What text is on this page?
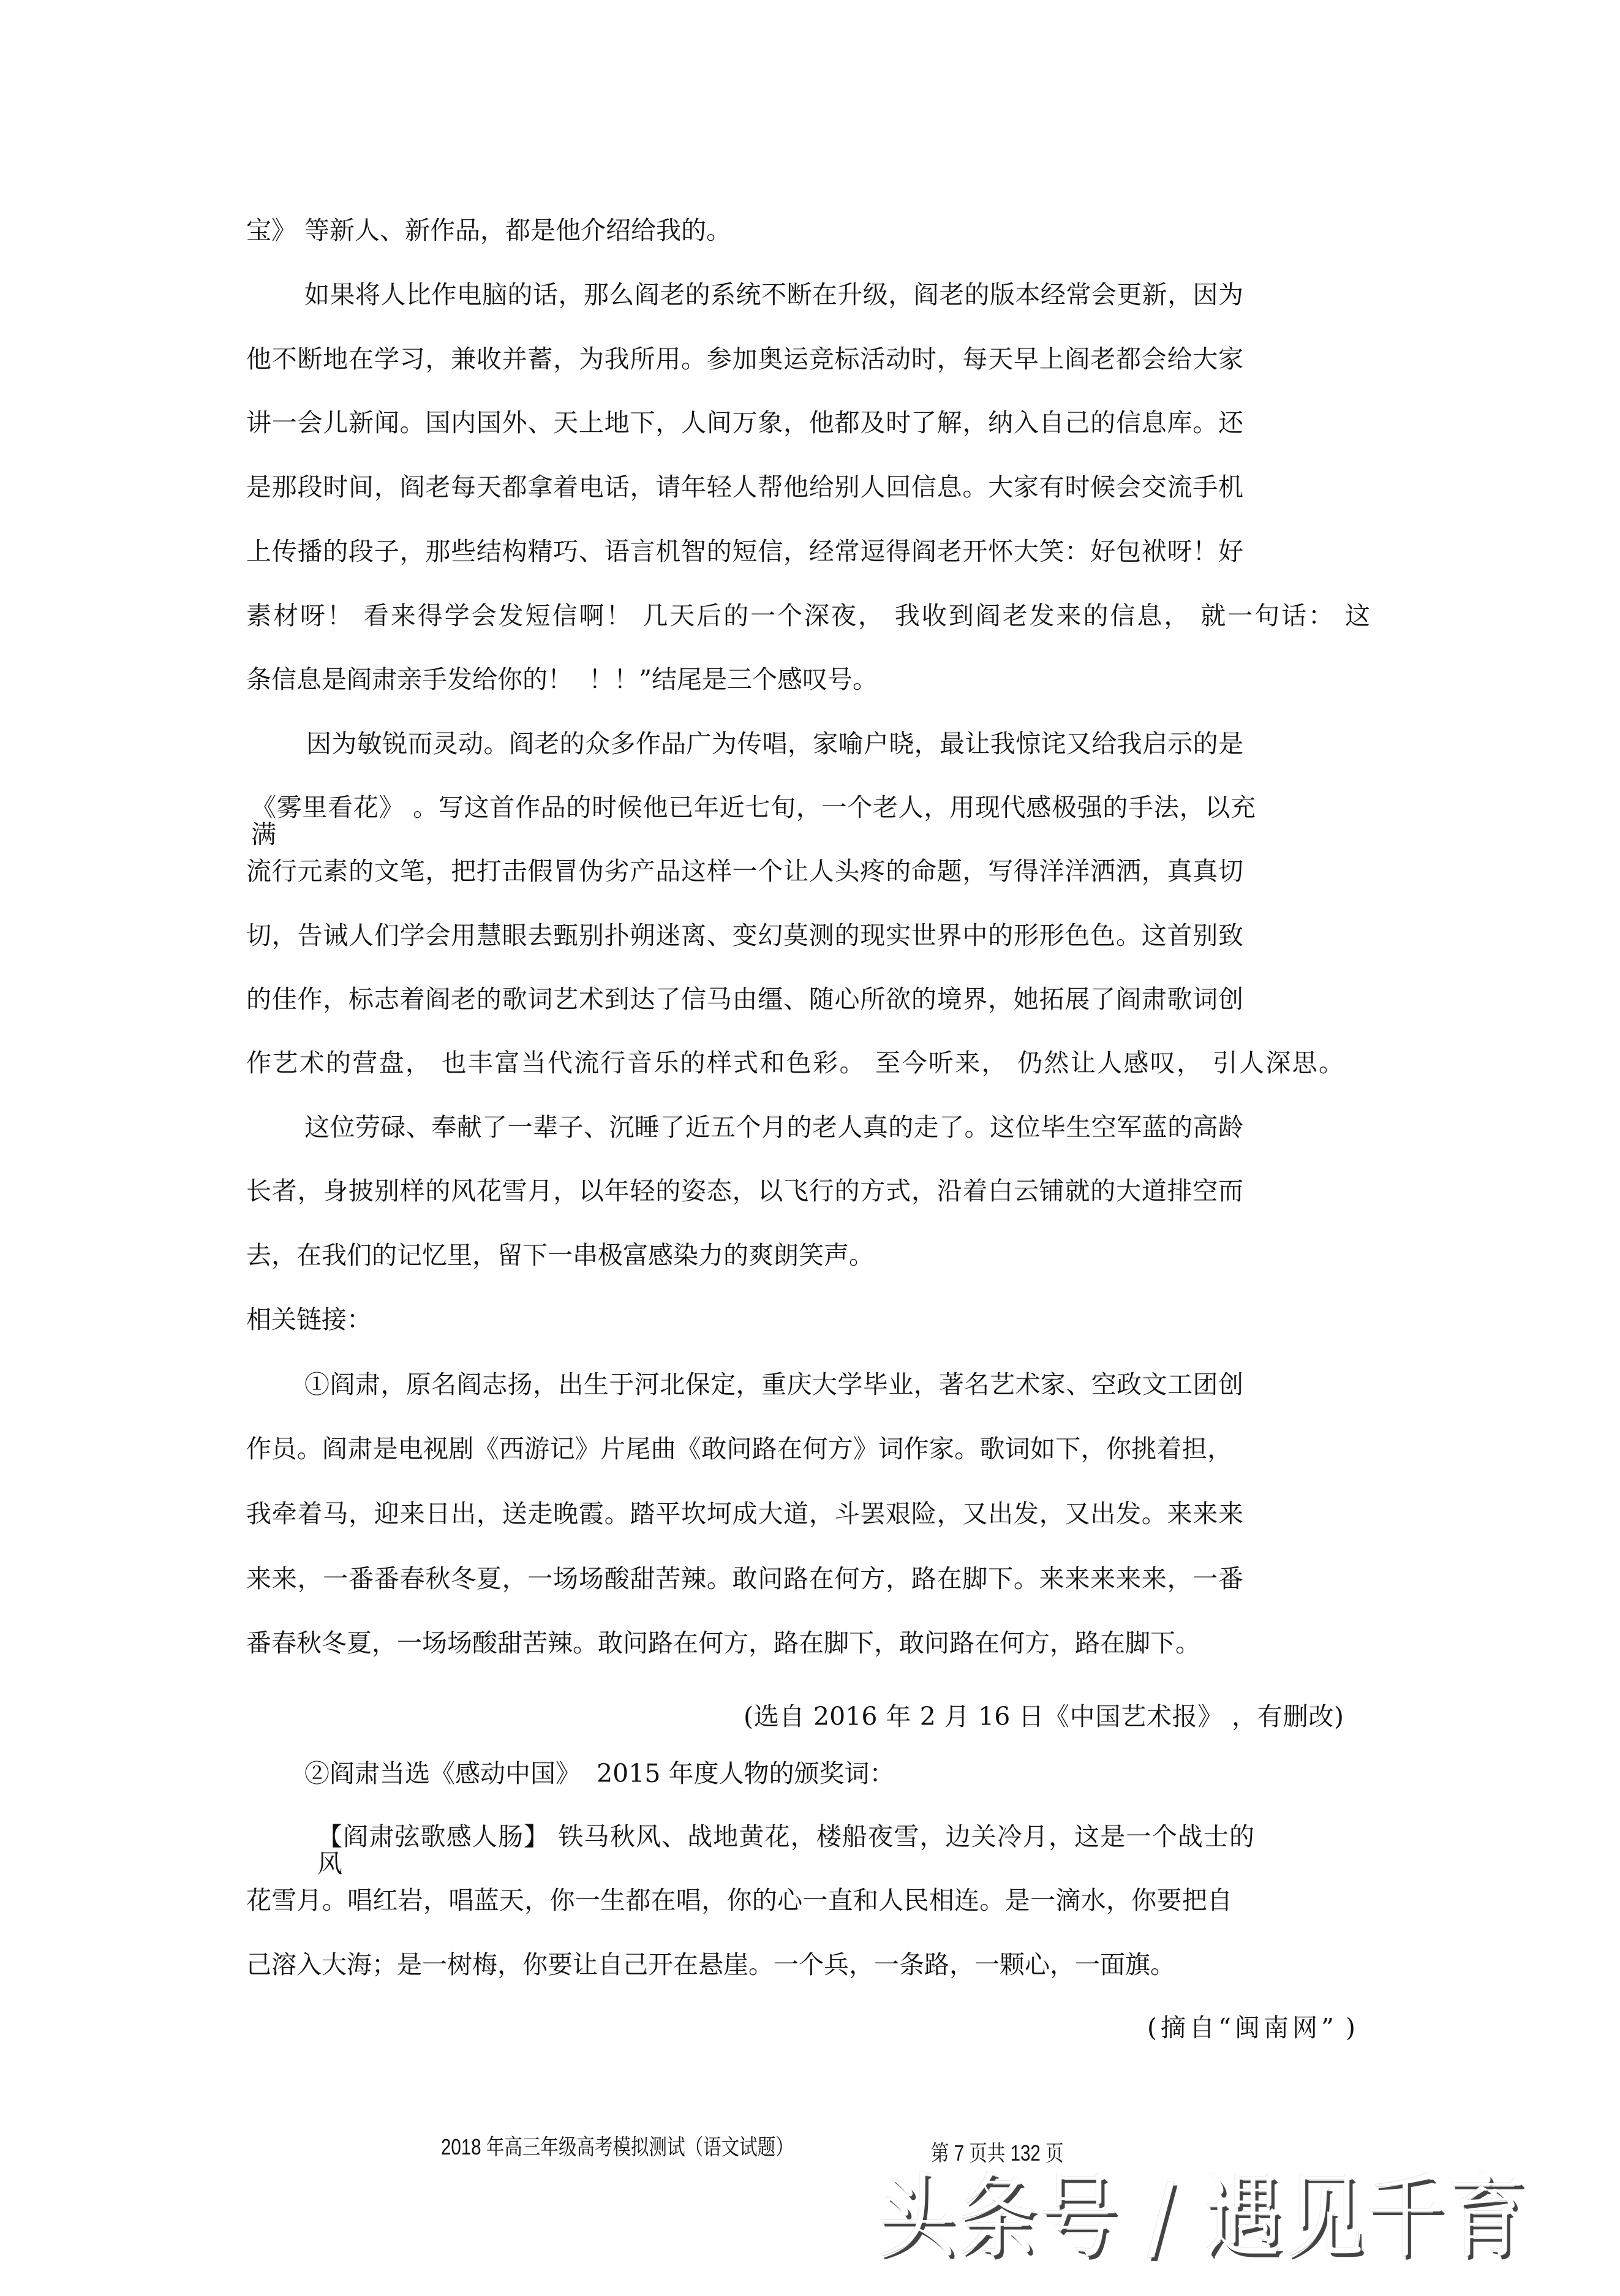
宝》 等新人、新作品，都是他介绍给我的。
如果将人比作电脑的话，那么阎老的系统不断在升级，阎老的版本经常会更新，因为
他不断地在学习，兼收并蓄，为我所用。参加奥运竞标活动时，每天早上阎老都会给大家
讲一会儿新闻。国内国外、天上地下，人间万象，他都及时了解，纳入自己的信息库。还
是那段时间，阎老每天都拿着电话，请年轻人帮他给别人回信息。大家有时候会交流手机
上传播的段子，那些结构精巧、语言机智的短信，经常逗得阎老开怀大笑：好包袱呀！好
素材呀！ 看来得学会发短信啊！ 几天后的一个深夜， 我收到阎老发来的信息， 就一句话： 这
条信息是阎肃亲手发给你的！  ！！”结尾是三个感叹号。
因为敏锐而灵动。阎老的众多作品广为传唱，家喻户晓，最让我惊诧又给我启示的是
《雾里看花》 。写这首作品的时候他已年近七旬，一个老人，用现代感极强的手法，以充满
流行元素的文笔，把打击假冒伪劣产品这样一个让人头疼的命题，写得洋洋洒洒，真真切
切，告诫人们学会用慧眼去甄别扑朔迷离、变幻莫测的现实世界中的形形色色。这首别致
的佳作，标志着阎老的歌词艺术到达了信马由缰、随心所欲的境界，她拓展了阎肃歌词创
作艺术的营盘， 也丰富当代流行音乐的样式和色彩。 至今听来， 仍然让人感叹， 引人深思。
这位劳碌、奉献了一辈子、沉睡了近五个月的老人真的走了。这位毕生空军蓝的高龄
长者，身披别样的风花雪月，以年轻的姿态，以飞行的方式，沿着白云铺就的大道排空而
去，在我们的记忆里，留下一串极富感染力的爽朗笑声。
相关链接：
①阎肃，原名阎志扬，出生于河北保定，重庆大学毕业，著名艺术家、空政文工团创
作员。阎肃是电视剧《西游记》片尾曲《敢问路在何方》词作家。歌词如下，你挑着担，
我牵着马，迎来日出，送走晚霞。踏平坎坷成大道，斗罢艰险，又出发，又出发。来来来
来来，一番番春秋冬夏，一场场酸甜苦辣。敢问路在何方，路在脚下。来来来来来，一番
番春秋冬夏，一场场酸甜苦辣。敢问路在何方，路在脚下，敢问路在何方，路在脚下。
(选自 2016 年 2 月 16 日《中国艺术报》 ，有删改)
②阎肃当选《感动中国》  2015 年度人物的颁奖词：
【阎肃弦歌感人肠】 铁马秋风、战地黄花，楼船夜雪，边关冷月，这是一个战士的风
花雪月。唱红岩，唱蓝天，你一生都在唱，你的心一直和人民相连。是一滴水，你要把自
己溶入大海；是一树梅，你要让自己开在悬崖。一个兵，一条路，一颗心，一面旗。
(摘自“闽南网” )
2018 年高三年级高考模拟测试（语文试题）	第 7 页共 132 页
头条号 / 遇见千育
